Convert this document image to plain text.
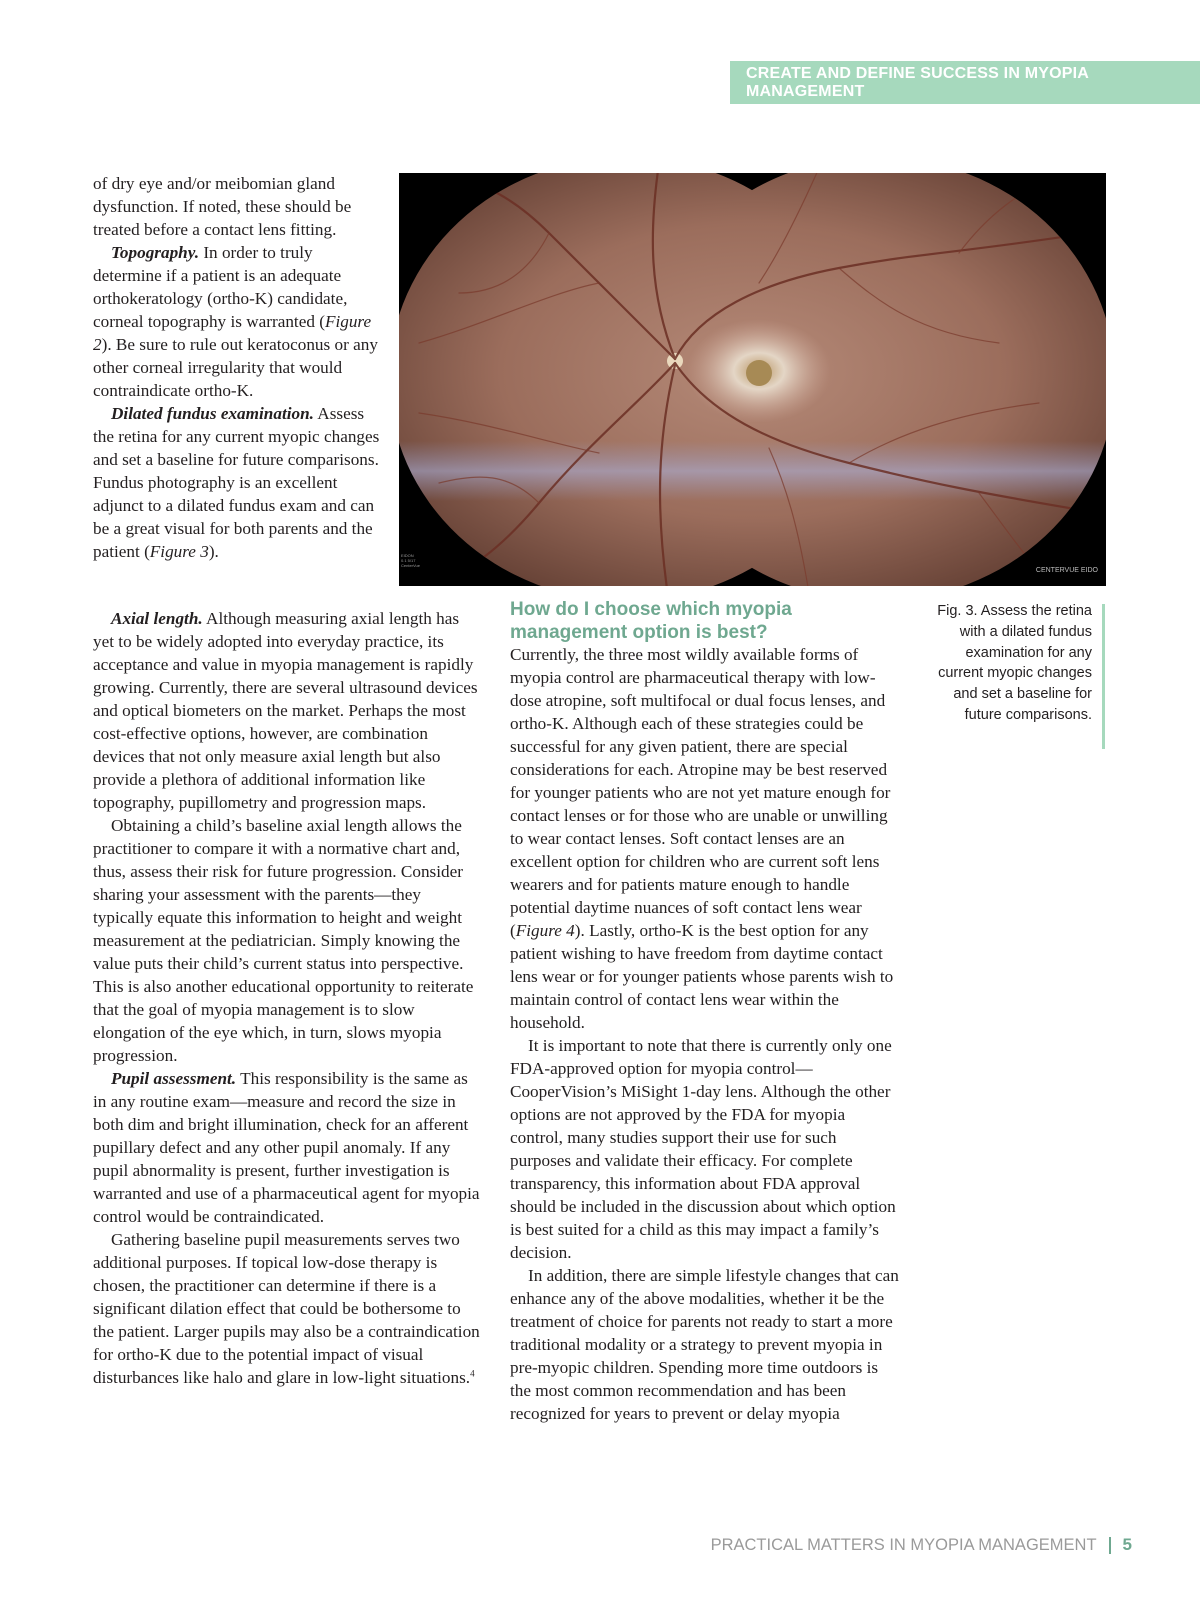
CREATE AND DEFINE SUCCESS IN MYOPIA MANAGEMENT
CENTERVUE EIDO
EIDON 0.1 5/17 CenterVue

of dry eye and/or meibomian gland dysfunction. If noted, these should be treated before a contact lens fitting.

Topography. In order to truly determine if a patient is an adequate orthokeratology (ortho-K) candidate, corneal topography is warranted (Figure 2). Be sure to rule out keratoconus or any other corneal irregularity that would contraindicate ortho-K.

Dilated fundus examination. Assess the retina for any current myopic changes and set a baseline for future comparisons. Fundus photography is an excellent adjunct to a dilated fundus exam and can be a great visual for both parents and the patient (Figure 3).

Axial length. Although measuring axial length has yet to be widely adopted into everyday practice, its acceptance and value in myopia management is rapidly growing. Currently, there are several ultrasound devices and optical biometers on the market. Perhaps the most cost-effective options, however, are combination devices that not only measure axial length but also provide a plethora of additional information like topography, pupillometry and progression maps.

Obtaining a child’s baseline axial length allows the practitioner to compare it with a normative chart and, thus, assess their risk for future progression. Consider sharing your assessment with the parents—they typically equate this information to height and weight measurement at the pediatrician. Simply knowing the value puts their child’s current status into perspective. This is also another educational opportunity to reiterate that the goal of myopia management is to slow elongation of the eye which, in turn, slows myopia progression.

Pupil assessment. This responsibility is the same as in any routine exam—measure and record the size in both dim and bright illumination, check for an afferent pupillary defect and any other pupil anomaly. If any pupil abnormality is present, further investigation is warranted and use of a pharmaceutical agent for myopia control would be contraindicated.

Gathering baseline pupil measurements serves two additional purposes. If topical low-dose therapy is chosen, the practitioner can determine if there is a significant dilation effect that could be bothersome to the patient. Larger pupils may also be a contraindication for ortho-K due to the potential impact of visual disturbances like halo and glare in low-light situations.$^4$

How do I choose which myopia management option is best?

Currently, the three most wildly available forms of myopia control are pharmaceutical therapy with low-dose atropine, soft multifocal or dual focus lenses, and ortho-K. Although each of these strategies could be successful for any given patient, there are special considerations for each. Atropine may be best reserved for younger patients who are not yet mature enough for contact lenses or for those who are unable or unwilling to wear contact lenses. Soft contact lenses are an excellent option for children who are current soft lens wearers and for patients mature enough to handle potential daytime nuances of soft contact lens wear (Figure 4). Lastly, ortho-K is the best option for any patient wishing to have freedom from daytime contact lens wear or for younger patients whose parents wish to maintain control of contact lens wear within the household.

It is important to note that there is currently only one FDA-approved option for myopia control—CooperVision’s MiSight 1-day lens. Although the other options are not approved by the FDA for myopia control, many studies support their use for such purposes and validate their efficacy. For complete transparency, this information about FDA approval should be included in the discussion about which option is best suited for a child as this may impact a family’s decision.

In addition, there are simple lifestyle changes that can enhance any of the above modalities, whether it be the treatment of choice for parents not ready to start a more traditional modality or a strategy to prevent myopia in pre-myopic children. Spending more time outdoors is the most common recommendation and has been recognized for years to prevent or delay myopia

Fig. 3. Assess the retina with a dilated fundus examination for any current myopic changes and set a baseline for future comparisons.
PRACTICAL MATTERS IN MYOPIA MANAGEMENT 5
